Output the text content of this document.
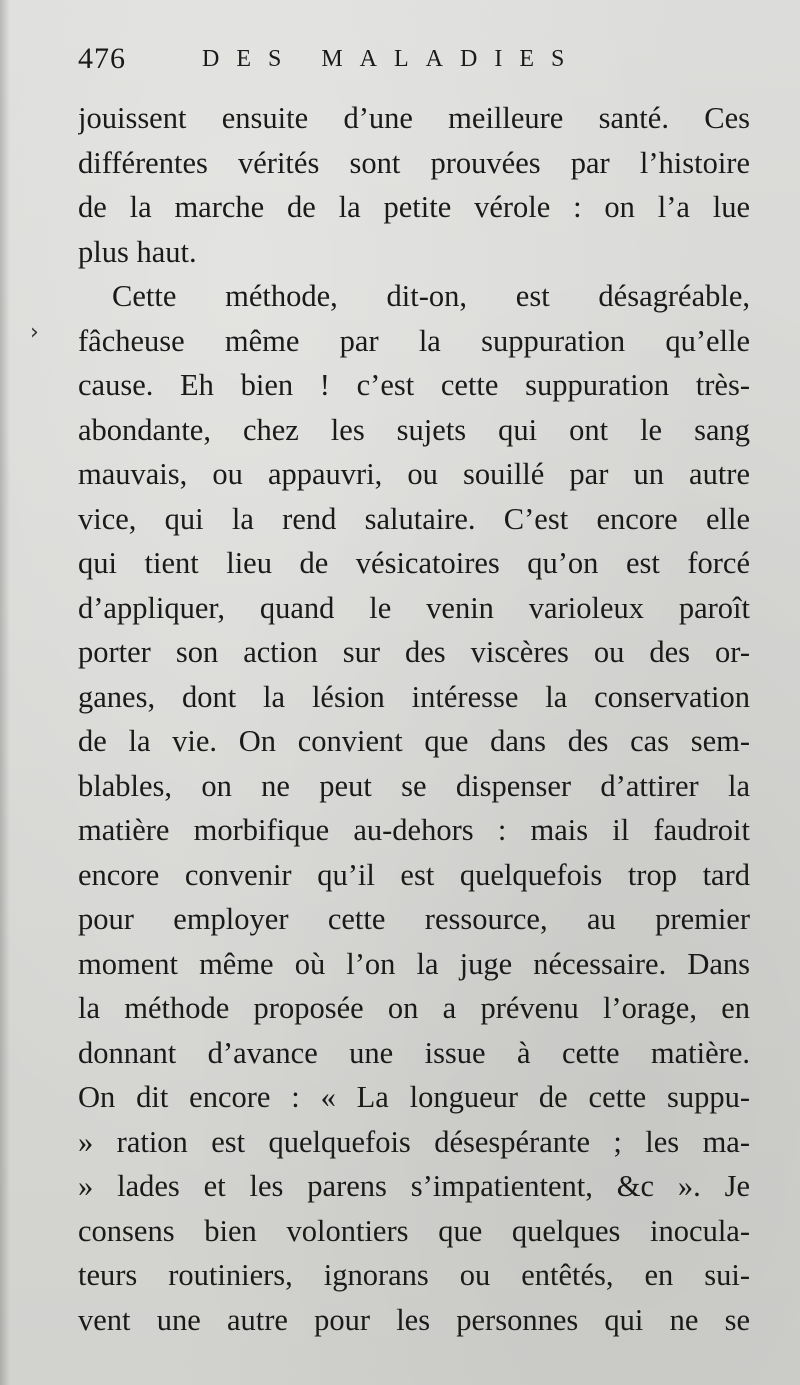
476	DES MALADIES
›
jouissent ensuite d’une meilleure santé. Ces
différentes vérités sont prouvées par l’histoire
de la marche de la petite vérole : on l’a lue
plus haut.
Cette méthode, dit-on, est désagréable,
fâcheuse même par la suppuration qu’elle
cause. Eh bien ! c’est cette suppuration très-
abondante, chez les sujets qui ont le sang
mauvais, ou appauvri, ou souillé par un autre
vice, qui la rend salutaire. C’est encore elle
qui tient lieu de vésicatoires qu’on est forcé
d’appliquer, quand le venin varioleux paroît
porter son action sur des viscères ou des or-
ganes, dont la lésion intéresse la conservation
de la vie. On convient que dans des cas sem-
blables, on ne peut se dispenser d’attirer la
matière morbifique au-dehors : mais il faudroit
encore convenir qu’il est quelquefois trop tard
pour employer cette ressource, au premier
moment même où l’on la juge nécessaire. Dans
la méthode proposée on a prévenu l’orage, en
donnant d’avance une issue à cette matière.
On dit encore : « La longueur de cette suppu-
» ration est quelquefois désespérante ; les ma-
» lades et les parens s’impatientent, &c ». Je
consens bien volontiers que quelques inocula-
teurs routiniers, ignorans ou entêtés, en sui-
vent une autre pour les personnes qui ne se
